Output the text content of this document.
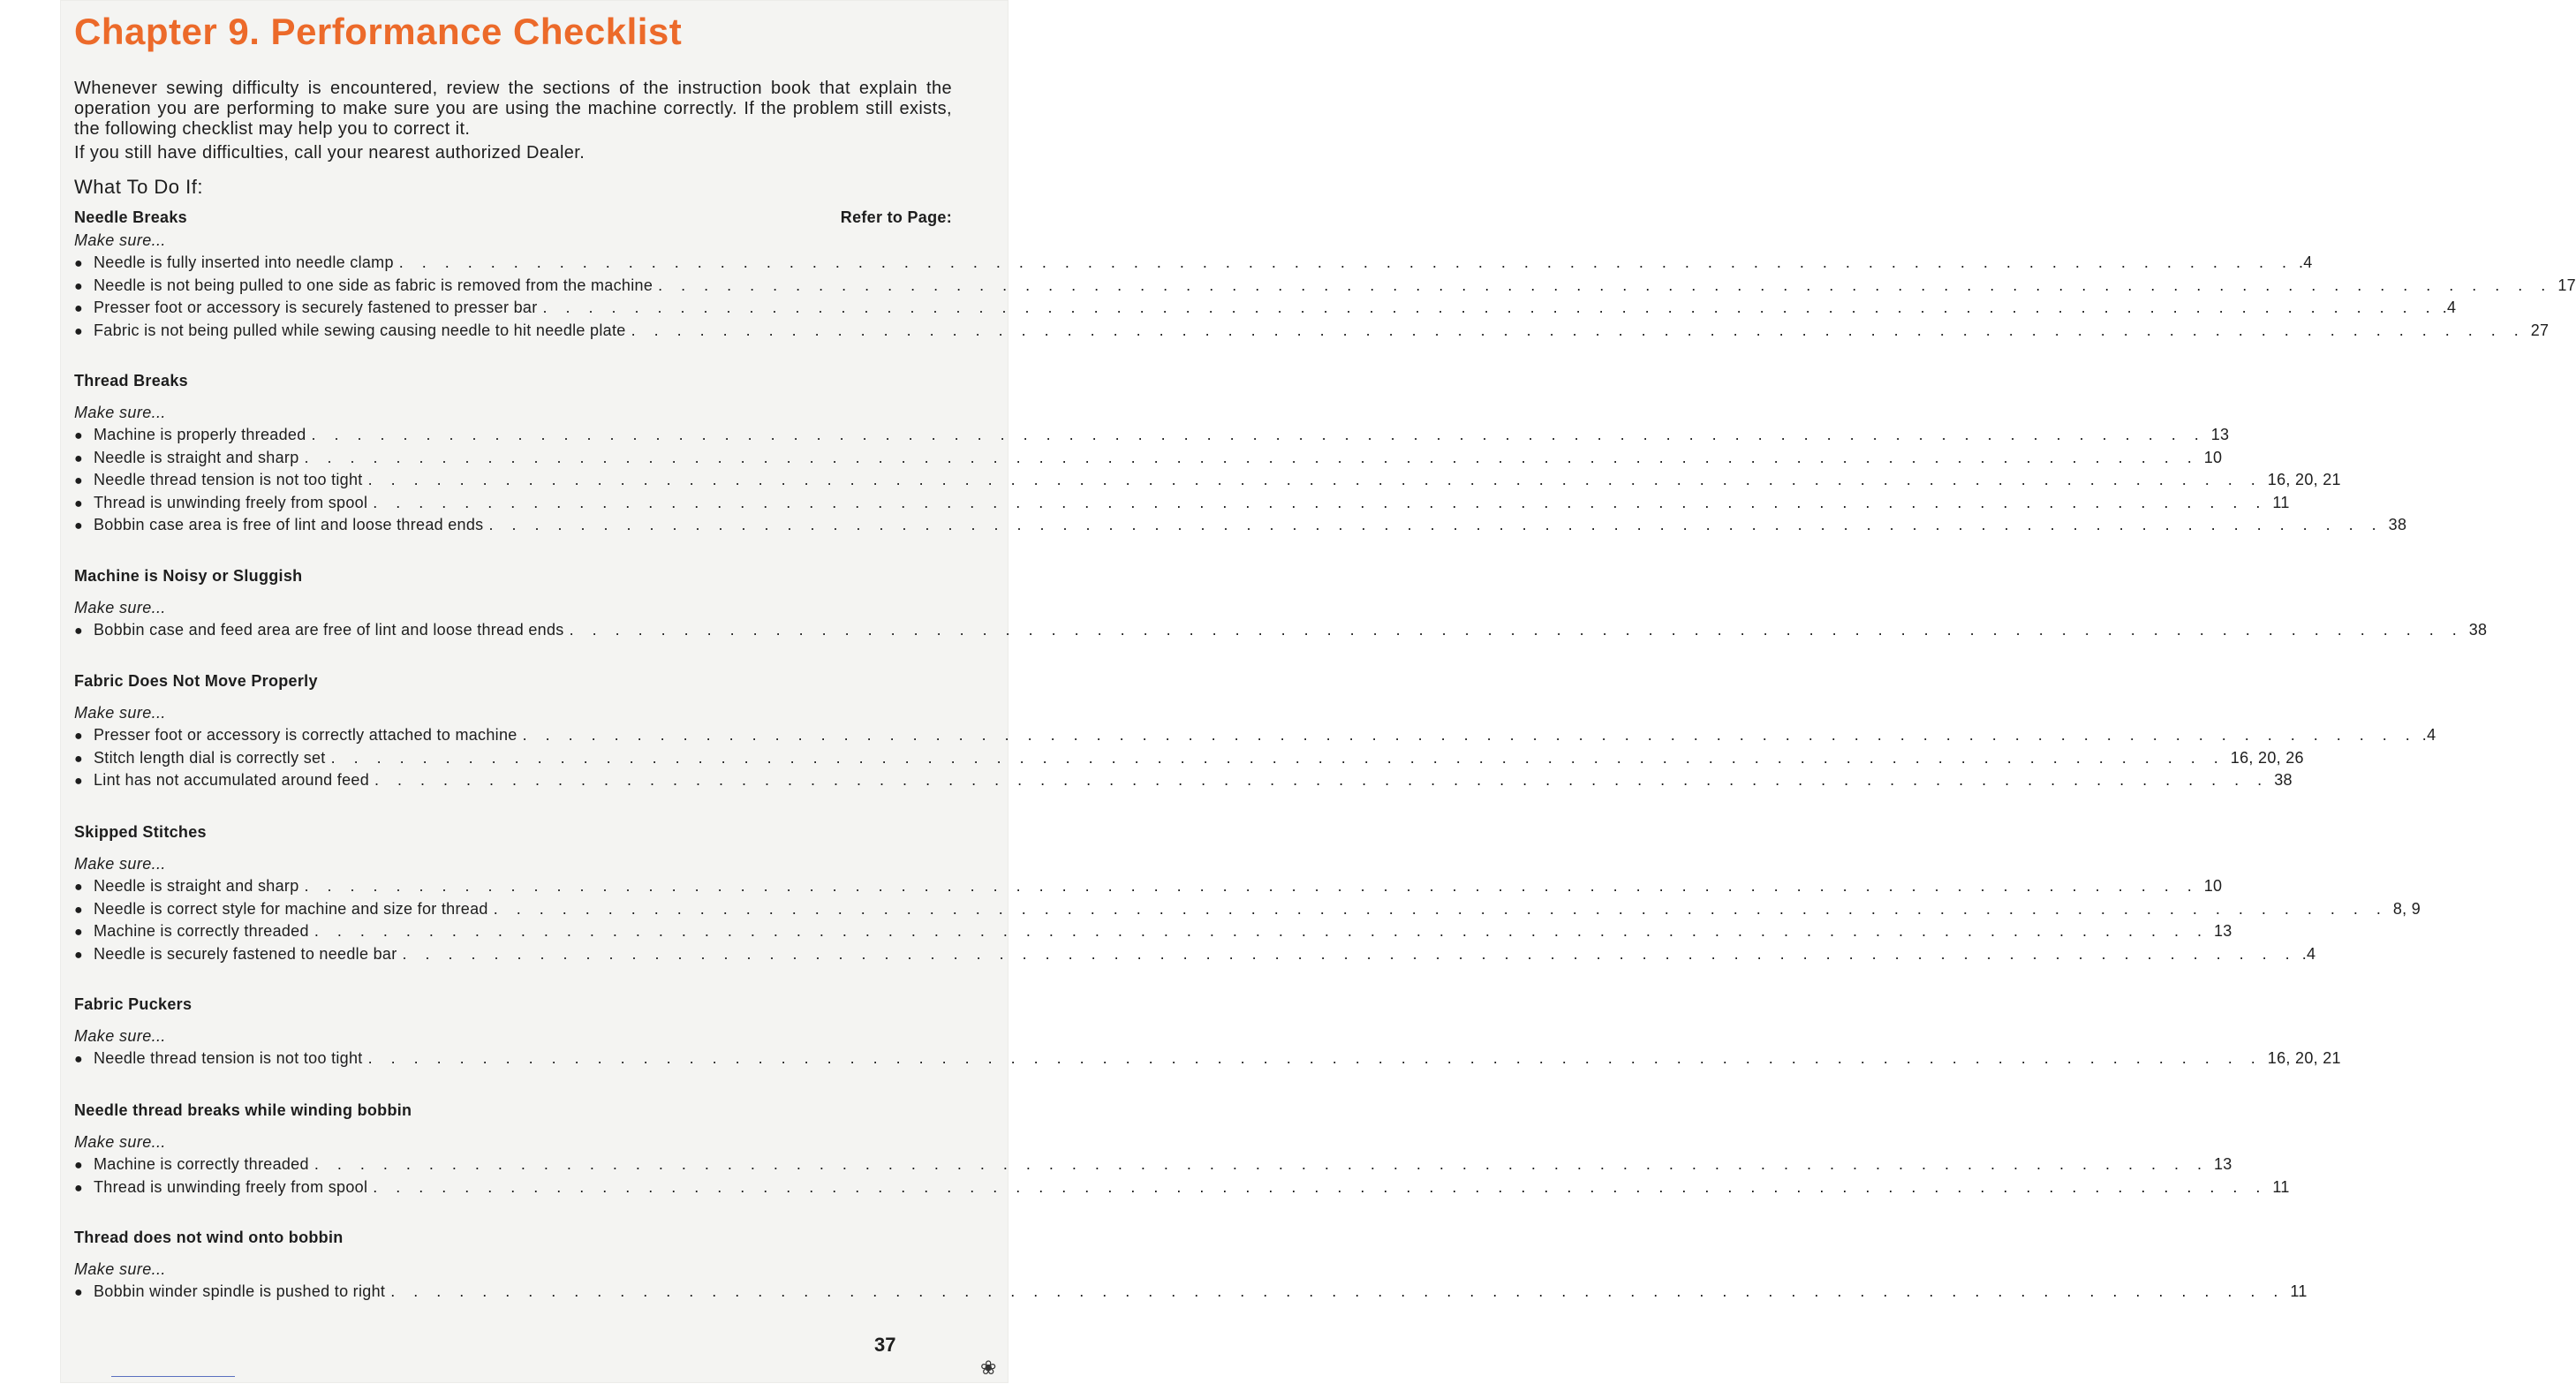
Chapter 9. Performance Checklist
Whenever sewing difficulty is encountered, review the sections of the instruction book that explain the operation you are performing to make sure you are using the machine correctly. If the problem still exists, the following checklist may help you to correct it.
If you still have difficulties, call your nearest authorized Dealer.
What To Do If:
Refer to Page:
Needle Breaks
Make sure...
● Needle is fully inserted into needle clamp . . . . . . . . . . . . . . . . . . . . . . . . . . . . . . . . . . . . . . . . . . . . . . . . . . . . . . . . . . . . . . . . . . . . . . . . . . . . . . . . . . . .4
● Needle is not being pulled to one side as fabric is removed from the machine . . . . . . . . . . . . . . . . . . . . . . . . . . . . . . . . . . . . . . . . . . . . . . . . . . . . . . . . . . . . . . . . . . . . . . . . . . . . . . . . . . . 17
● Presser foot or accessory is securely fastened to presser bar . . . . . . . . . . . . . . . . . . . . . . . . . . . . . . . . . . . . . . . . . . . . . . . . . . . . . . . . . . . . . . . . . . . . . . . . . . . . . . . . . . . .4
● Fabric is not being pulled while sewing causing needle to hit needle plate . . . . . . . . . . . . . . . . . . . . . . . . . . . . . . . . . . . . . . . . . . . . . . . . . . . . . . . . . . . . . . . . . . . . . . . . . . . . . . . . . . . 27
Thread Breaks
Make sure...
● Machine is properly threaded . . . . . . . . . . . . . . . . . . . . . . . . . . . . . . . . . . . . . . . . . . . . . . . . . . . . . . . . . . . . . . . . . . . . . . . . . . . . . . . . . . . 13
● Needle is straight and sharp . . . . . . . . . . . . . . . . . . . . . . . . . . . . . . . . . . . . . . . . . . . . . . . . . . . . . . . . . . . . . . . . . . . . . . . . . . . . . . . . . . . 10
● Needle thread tension is not too tight . . . . . . . . . . . . . . . . . . . . . . . . . . . . . . . . . . . . . . . . . . . . . . . . . . . . . . . . . . . . . . . . . . . . . . . . . . . . . . . . . . . 16, 20, 21
● Thread is unwinding freely from spool . . . . . . . . . . . . . . . . . . . . . . . . . . . . . . . . . . . . . . . . . . . . . . . . . . . . . . . . . . . . . . . . . . . . . . . . . . . . . . . . . . . 11
● Bobbin case area is free of lint and loose thread ends . . . . . . . . . . . . . . . . . . . . . . . . . . . . . . . . . . . . . . . . . . . . . . . . . . . . . . . . . . . . . . . . . . . . . . . . . . . . . . . . . . . 38
Machine is Noisy or Sluggish
Make sure...
● Bobbin case and feed area are free of lint and loose thread ends . . . . . . . . . . . . . . . . . . . . . . . . . . . . . . . . . . . . . . . . . . . . . . . . . . . . . . . . . . . . . . . . . . . . . . . . . . . . . . . . . . . 38
Fabric Does Not Move Properly
Make sure...
● Presser foot or accessory is correctly attached to machine . . . . . . . . . . . . . . . . . . . . . . . . . . . . . . . . . . . . . . . . . . . . . . . . . . . . . . . . . . . . . . . . . . . . . . . . . . . . . . . . . . . .4
● Stitch length dial is correctly set . . . . . . . . . . . . . . . . . . . . . . . . . . . . . . . . . . . . . . . . . . . . . . . . . . . . . . . . . . . . . . . . . . . . . . . . . . . . . . . . . . . 16, 20, 26
● Lint has not accumulated around feed . . . . . . . . . . . . . . . . . . . . . . . . . . . . . . . . . . . . . . . . . . . . . . . . . . . . . . . . . . . . . . . . . . . . . . . . . . . . . . . . . . . 38
Skipped Stitches
Make sure...
● Needle is straight and sharp . . . . . . . . . . . . . . . . . . . . . . . . . . . . . . . . . . . . . . . . . . . . . . . . . . . . . . . . . . . . . . . . . . . . . . . . . . . . . . . . . . . 10
● Needle is correct style for machine and size for thread . . . . . . . . . . . . . . . . . . . . . . . . . . . . . . . . . . . . . . . . . . . . . . . . . . . . . . . . . . . . . . . . . . . . . . . . . . . . . . . . . . . 8, 9
● Machine is correctly threaded . . . . . . . . . . . . . . . . . . . . . . . . . . . . . . . . . . . . . . . . . . . . . . . . . . . . . . . . . . . . . . . . . . . . . . . . . . . . . . . . . . . 13
● Needle is securely fastened to needle bar . . . . . . . . . . . . . . . . . . . . . . . . . . . . . . . . . . . . . . . . . . . . . . . . . . . . . . . . . . . . . . . . . . . . . . . . . . . . . . . . . . . .4
Fabric Puckers
Make sure...
● Needle thread tension is not too tight . . . . . . . . . . . . . . . . . . . . . . . . . . . . . . . . . . . . . . . . . . . . . . . . . . . . . . . . . . . . . . . . . . . . . . . . . . . . . . . . . . . 16, 20, 21
Needle thread breaks while winding bobbin
Make sure...
● Machine is correctly threaded . . . . . . . . . . . . . . . . . . . . . . . . . . . . . . . . . . . . . . . . . . . . . . . . . . . . . . . . . . . . . . . . . . . . . . . . . . . . . . . . . . . 13
● Thread is unwinding freely from spool . . . . . . . . . . . . . . . . . . . . . . . . . . . . . . . . . . . . . . . . . . . . . . . . . . . . . . . . . . . . . . . . . . . . . . . . . . . . . . . . . . . 11
Thread does not wind onto bobbin
Make sure...
● Bobbin winder spindle is pushed to right . . . . . . . . . . . . . . . . . . . . . . . . . . . . . . . . . . . . . . . . . . . . . . . . . . . . . . . . . . . . . . . . . . . . . . . . . . . . . . . . . . . 11
37
❀
